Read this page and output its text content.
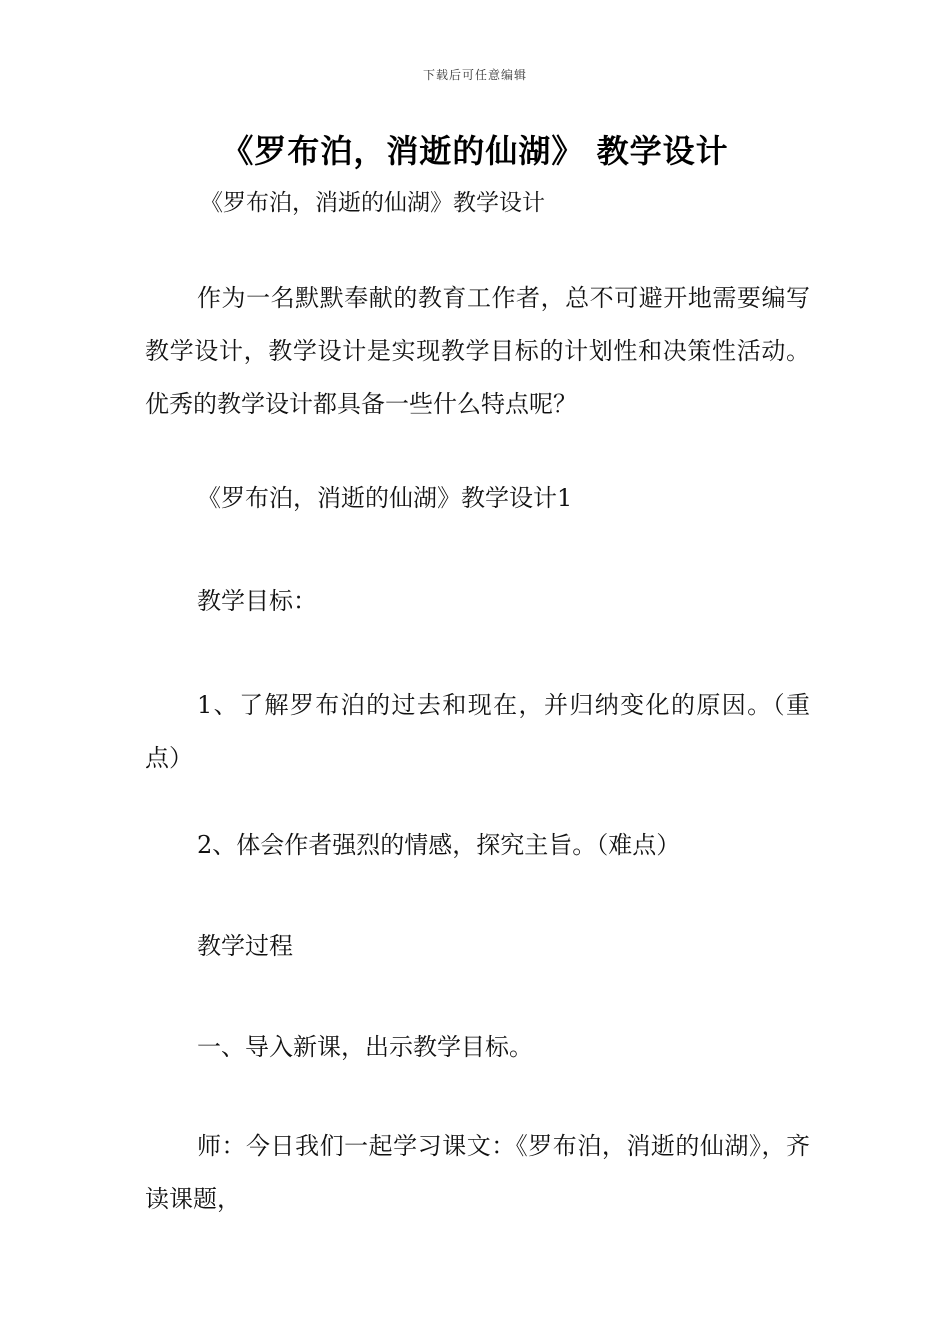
下载后可任意编辑
《罗布泊，消逝的仙湖》 教学设计
《罗布泊，消逝的仙湖》教学设计
作为一名默默奉献的教育工作者，总不可避开地需要编写教学设计，教学设计是实现教学目标的计划性和决策性活动。优秀的教学设计都具备一些什么特点呢？
《罗布泊，消逝的仙湖》教学设计1
教学目标：
1、了解罗布泊的过去和现在，并归纳变化的原因。（重点）
2、体会作者强烈的情感，探究主旨。（难点）
教学过程
一、导入新课，出示教学目标。
师：今日我们一起学习课文：《罗布泊，消逝的仙湖》，齐读课题，
